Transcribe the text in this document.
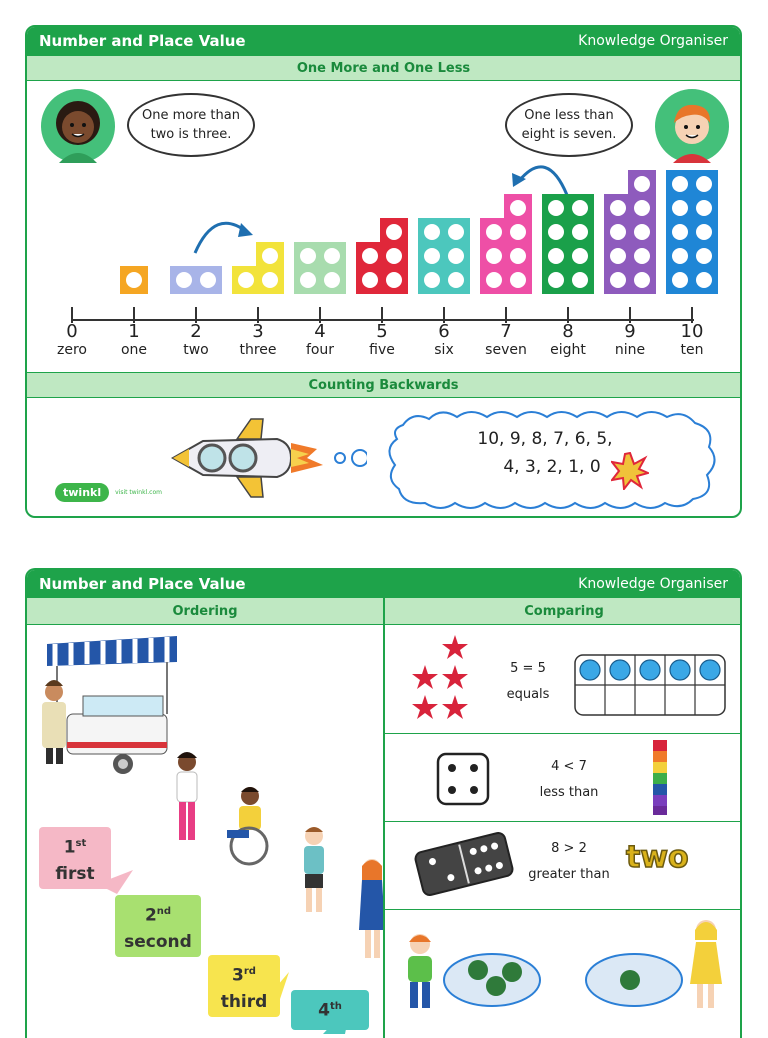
Number and Place Value	Knowledge Organiser
One More and One Less
One more than two is three.
One less than eight is seven.
0
zero
1
one
2
two
3
three
4
four
5
five
6
six
7
seven
8
eight
9
nine
10
ten
Counting Backwards
10, 9, 8, 7, 6, 5,
4, 3, 2, 1, 0
twinkl	visit twinkl.com
Number and Place Value	Knowledge Organiser
Ordering	Comparing
1st
first
2nd
second
3rd
third	4th
5 = 5
equals
4 < 7
less than
8 > 2
greater than two
